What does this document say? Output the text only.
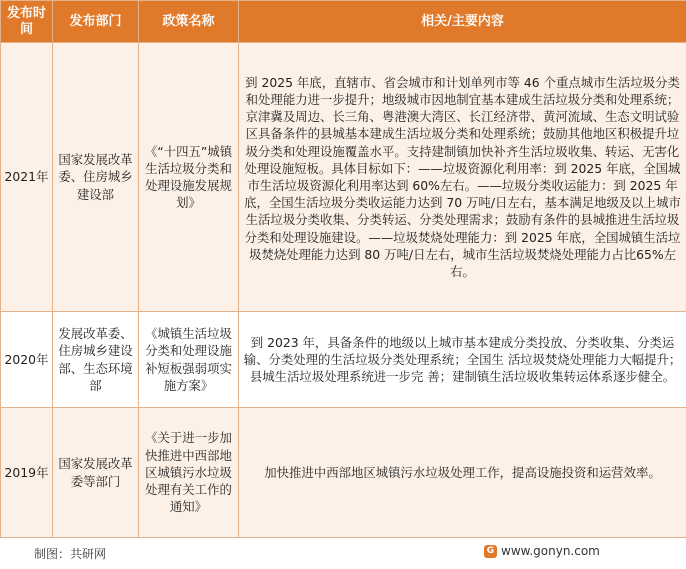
发布时间	发布部门	政策名称	相关/主要内容
2021年	国家发展改革委、住房城乡建设部	《“十四五”城镇生活垃圾分类和处理设施发展规划》	到 2025 年底，直辖市、省会城市和计划单列市等 46 个重点城市生活垃圾分类和处理能力进一步提升；地级城市因地制宜基本建成生活垃圾分类和处理系统；京津冀及周边、长三角、粤港澳大湾区、长江经济带、黄河流域、生态文明试验区具备条件的县城基本建成生活垃圾分类和处理系统；鼓励其他地区积极提升垃圾分类和处理设施覆盖水平。支持建制镇加快补齐生活垃圾收集、转运、无害化处理设施短板。具体目标如下：——垃圾资源化利用率：到 2025 年底，全国城市生活垃圾资源化利用率达到 60%左右。——垃圾分类收运能力：到 2025 年底，全国生活垃圾分类收运能力达到 70 万吨/日左右，基本满足地级及以上城市生活垃圾分类收集、分类转运、分类处理需求；鼓励有条件的县城推进生活垃圾分类和处理设施建设。——垃圾焚烧处理能力：到 2025 年底，全国城镇生活垃圾焚烧处理能力达到 80 万吨/日左右，城市生活垃圾焚烧处理能力占比65%左右。
2020年	发展改革委、住房城乡建设部、生态环境部	《城镇生活垃圾分类和处理设施补短板强弱项实施方案》	到 2023 年，具备条件的地级以上城市基本建成分类投放、分类收集、分类运输、分类处理的生活垃圾分类处理系统；全国生 活垃圾焚烧处理能力大幅提升；县城生活垃圾处理系统进一步完 善；建制镇生活垃圾收集转运体系逐步健全。
2019年	国家发展改革委等部门	《关于进一步加快推进中西部地区城镇污水垃圾处理有关工作的通知》	加快推进中西部地区城镇污水垃圾处理工作，提高设施投资和运营效率。
制图：共研网	G www.gonyn.com
